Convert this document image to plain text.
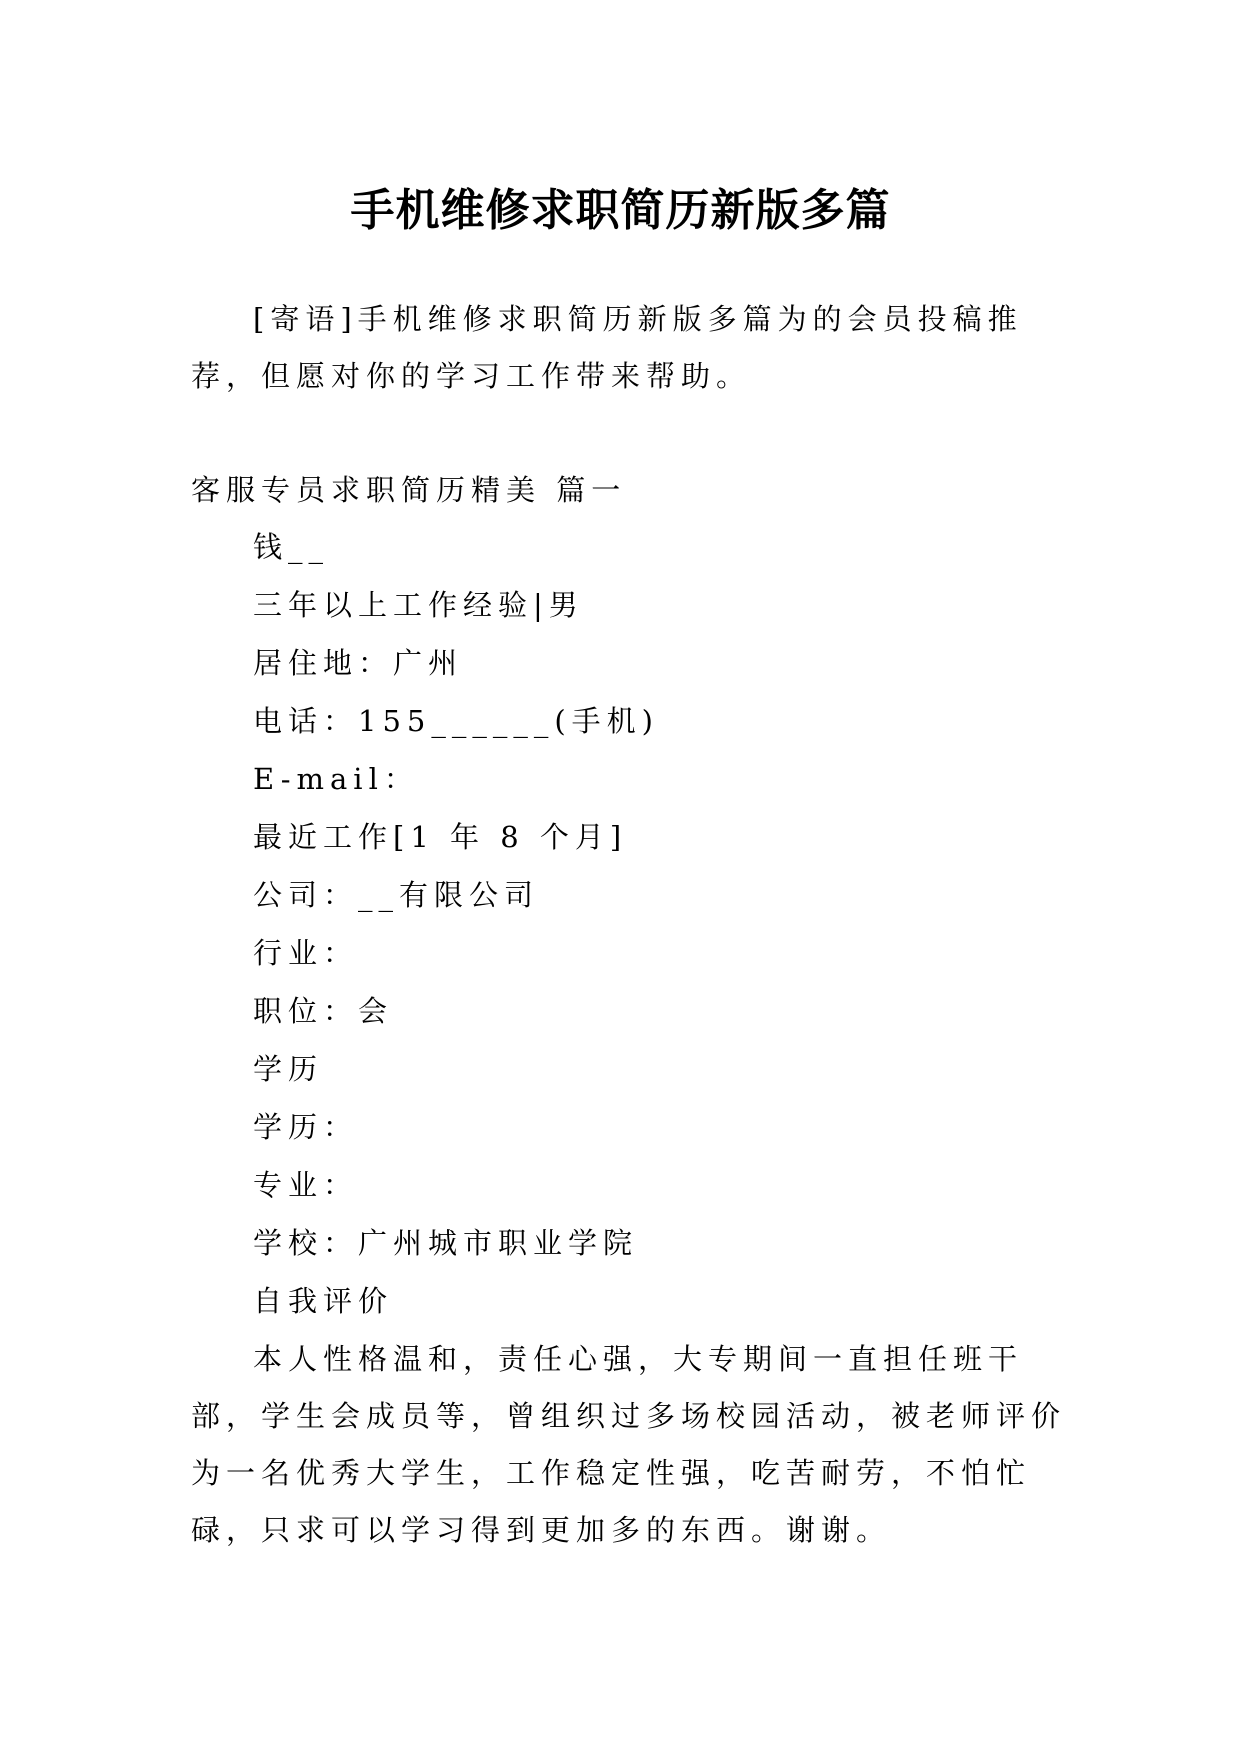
手机维修求职简历新版多篇

[寄语]手机维修求职简历新版多篇为的会员投稿推荐，但愿对你的学习工作带来帮助。

客服专员求职简历精美 篇一

钱__

三年以上工作经验|男

居住地：广州

电话：155______(手机)

E-mail：

最近工作[1 年 8 个月]

公司：__有限公司

行业：

职位：会

学历

学历：

专业：

学校：广州城市职业学院

自我评价

本人性格温和，责任心强，大专期间一直担任班干部，学生会成员等，曾组织过多场校园活动，被老师评价为一名优秀大学生，工作稳定性强，吃苦耐劳，不怕忙碌，只求可以学习得到更加多的东西。谢谢。
